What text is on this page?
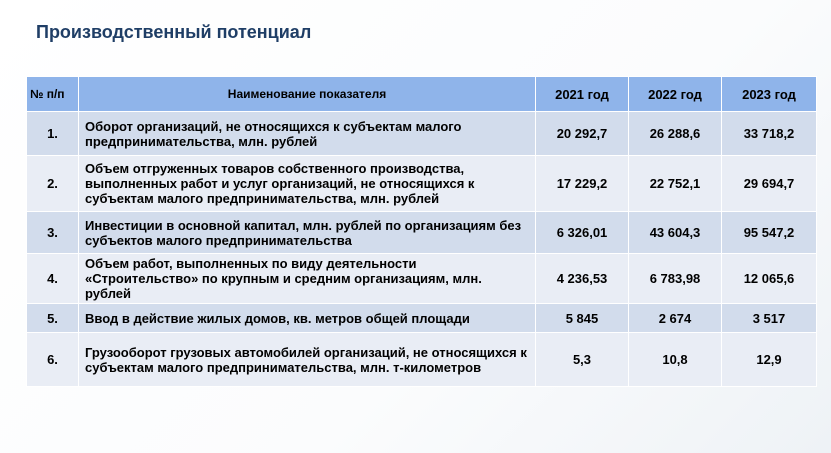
Производственный потенциал
№ п/п	Наименование показателя	2021 год	2022 год	2023 год
1.	Оборот организаций, не относящихся к субъектам малого предпринимательства, млн. рублей	20 292,7	26 288,6	33 718,2
2.	Объем отгруженных товаров собственного производства, выполненных работ и услуг организаций, не относящихся к субъектам малого предпринимательства, млн. рублей	17 229,2	22 752,1	29 694,7
3.	Инвестиции в основной капитал, млн. рублей по организациям без субъектов малого предпринимательства	6 326,01	43 604,3	95 547,2
4.	Объем работ, выполненных по виду деятельности «Строительство» по крупным и средним организациям, млн. рублей	4 236,53	6 783,98	12 065,6
5.	Ввод в действие жилых домов, кв. метров общей площади	5 845	2 674	3 517
6.	Грузооборот грузовых автомобилей организаций, не относящихся к субъектам малого предпринимательства, млн. т-километров	5,3	10,8	12,9
